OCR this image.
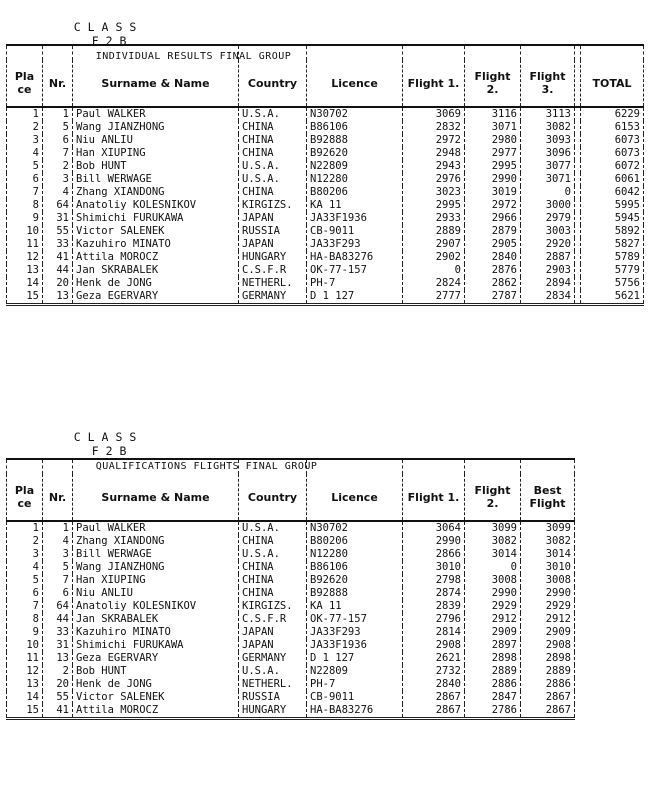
CLASS
F2B
INDIVIDUAL RESULTS FINAL GROUP

Pla ce	Nr.	Surname & Name	Country	Licence	Flight 1.	Flight 2.	Flight 3.		TOTAL
1	1	Paul WALKER	U.S.A.	N30702	3069	3116	3113		6229
2	5	Wang JIANZHONG	CHINA	B86106	2832	3071	3082		6153
3	6	Niu ANLIU	CHINA	B92888	2972	2980	3093		6073
4	7	Han XIUPING	CHINA	B92620	2948	2977	3096		6073
5	2	Bob HUNT	U.S.A.	N22809	2943	2995	3077		6072
6	3	Bill WERWAGE	U.S.A.	N12280	2976	2990	3071		6061
7	4	Zhang XIANDONG	CHINA	B80206	3023	3019	0		6042
8	64	Anatoliy KOLESNIKOV	KIRGIZS.	KA 11	2995	2972	3000		5995
9	31	Shimichi FURUKAWA	JAPAN	JA33F1936	2933	2966	2979		5945
10	55	Victor SALENEK	RUSSIA	CB-9011	2889	2879	3003		5892
11	33	Kazuhiro MINATO	JAPAN	JA33F293	2907	2905	2920		5827
12	41	Attila MOROCZ	HUNGARY	HA-BA83276	2902	2840	2887		5789
13	44	Jan SKRABALEK	C.S.F.R	OK-77-157	0	2876	2903		5779
14	20	Henk de JONG	NETHERL.	PH-7	2824	2862	2894		5756
15	13	Geza EGERVARY	GERMANY	D 1 127	2777	2787	2834		5621

CLASS
F2B
QUALIFICATIONS FLIGHTS FINAL GROUP

Pla ce	Nr.	Surname & Name	Country	Licence	Flight 1.	Flight 2.	Best Flight
1	1	Paul WALKER	U.S.A.	N30702	3064	3099	3099
2	4	Zhang XIANDONG	CHINA	B80206	2990	3082	3082
3	3	Bill WERWAGE	U.S.A.	N12280	2866	3014	3014
4	5	Wang JIANZHONG	CHINA	B86106	3010	0	3010
5	7	Han XIUPING	CHINA	B92620	2798	3008	3008
6	6	Niu ANLIU	CHINA	B92888	2874	2990	2990
7	64	Anatoliy KOLESNIKOV	KIRGIZS.	KA 11	2839	2929	2929
8	44	Jan SKRABALEK	C.S.F.R	OK-77-157	2796	2912	2912
9	33	Kazuhiro MINATO	JAPAN	JA33F293	2814	2909	2909
10	31	Shimichi FURUKAWA	JAPAN	JA33F1936	2908	2897	2908
11	13	Geza EGERVARY	GERMANY	D 1 127	2621	2898	2898
12	2	Bob HUNT	U.S.A.	N22809	2732	2889	2889
13	20	Henk de JONG	NETHERL.	PH-7	2840	2886	2886
14	55	Victor SALENEK	RUSSIA	CB-9011	2867	2847	2867
15	41	Attila MOROCZ	HUNGARY	HA-BA83276	2867	2786	2867
